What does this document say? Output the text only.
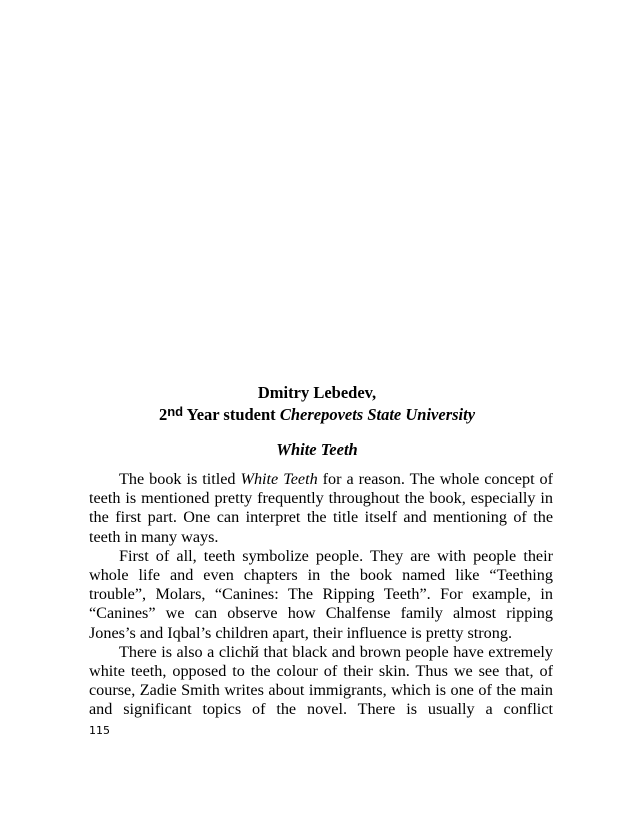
Dmitry Lebedev,
2nd Year student Cherepovets State University
White Teeth

The book is titled White Teeth for a reason. The whole concept of teeth is mentioned pretty frequently throughout the book, especially in the first part. One can interpret the title itself and mentioning of the teeth in many ways.

First of all, teeth symbolize people. They are with people their whole life and even chapters in the book named like “Teething trouble”, Molars, “Canines: The Ripping Teeth”. For example, in “Canines” we can observe how Chalfense family almost ripping Jones’s and Iqbal’s children apart, their influence is pretty strong.

There is also a clichй that black and brown people have extremely white teeth, opposed to the colour of their skin. Thus we see that, of course, Zadie Smith writes about immigrants, which is one of the main and significant topics of the novel. There is usually a conflict

115
